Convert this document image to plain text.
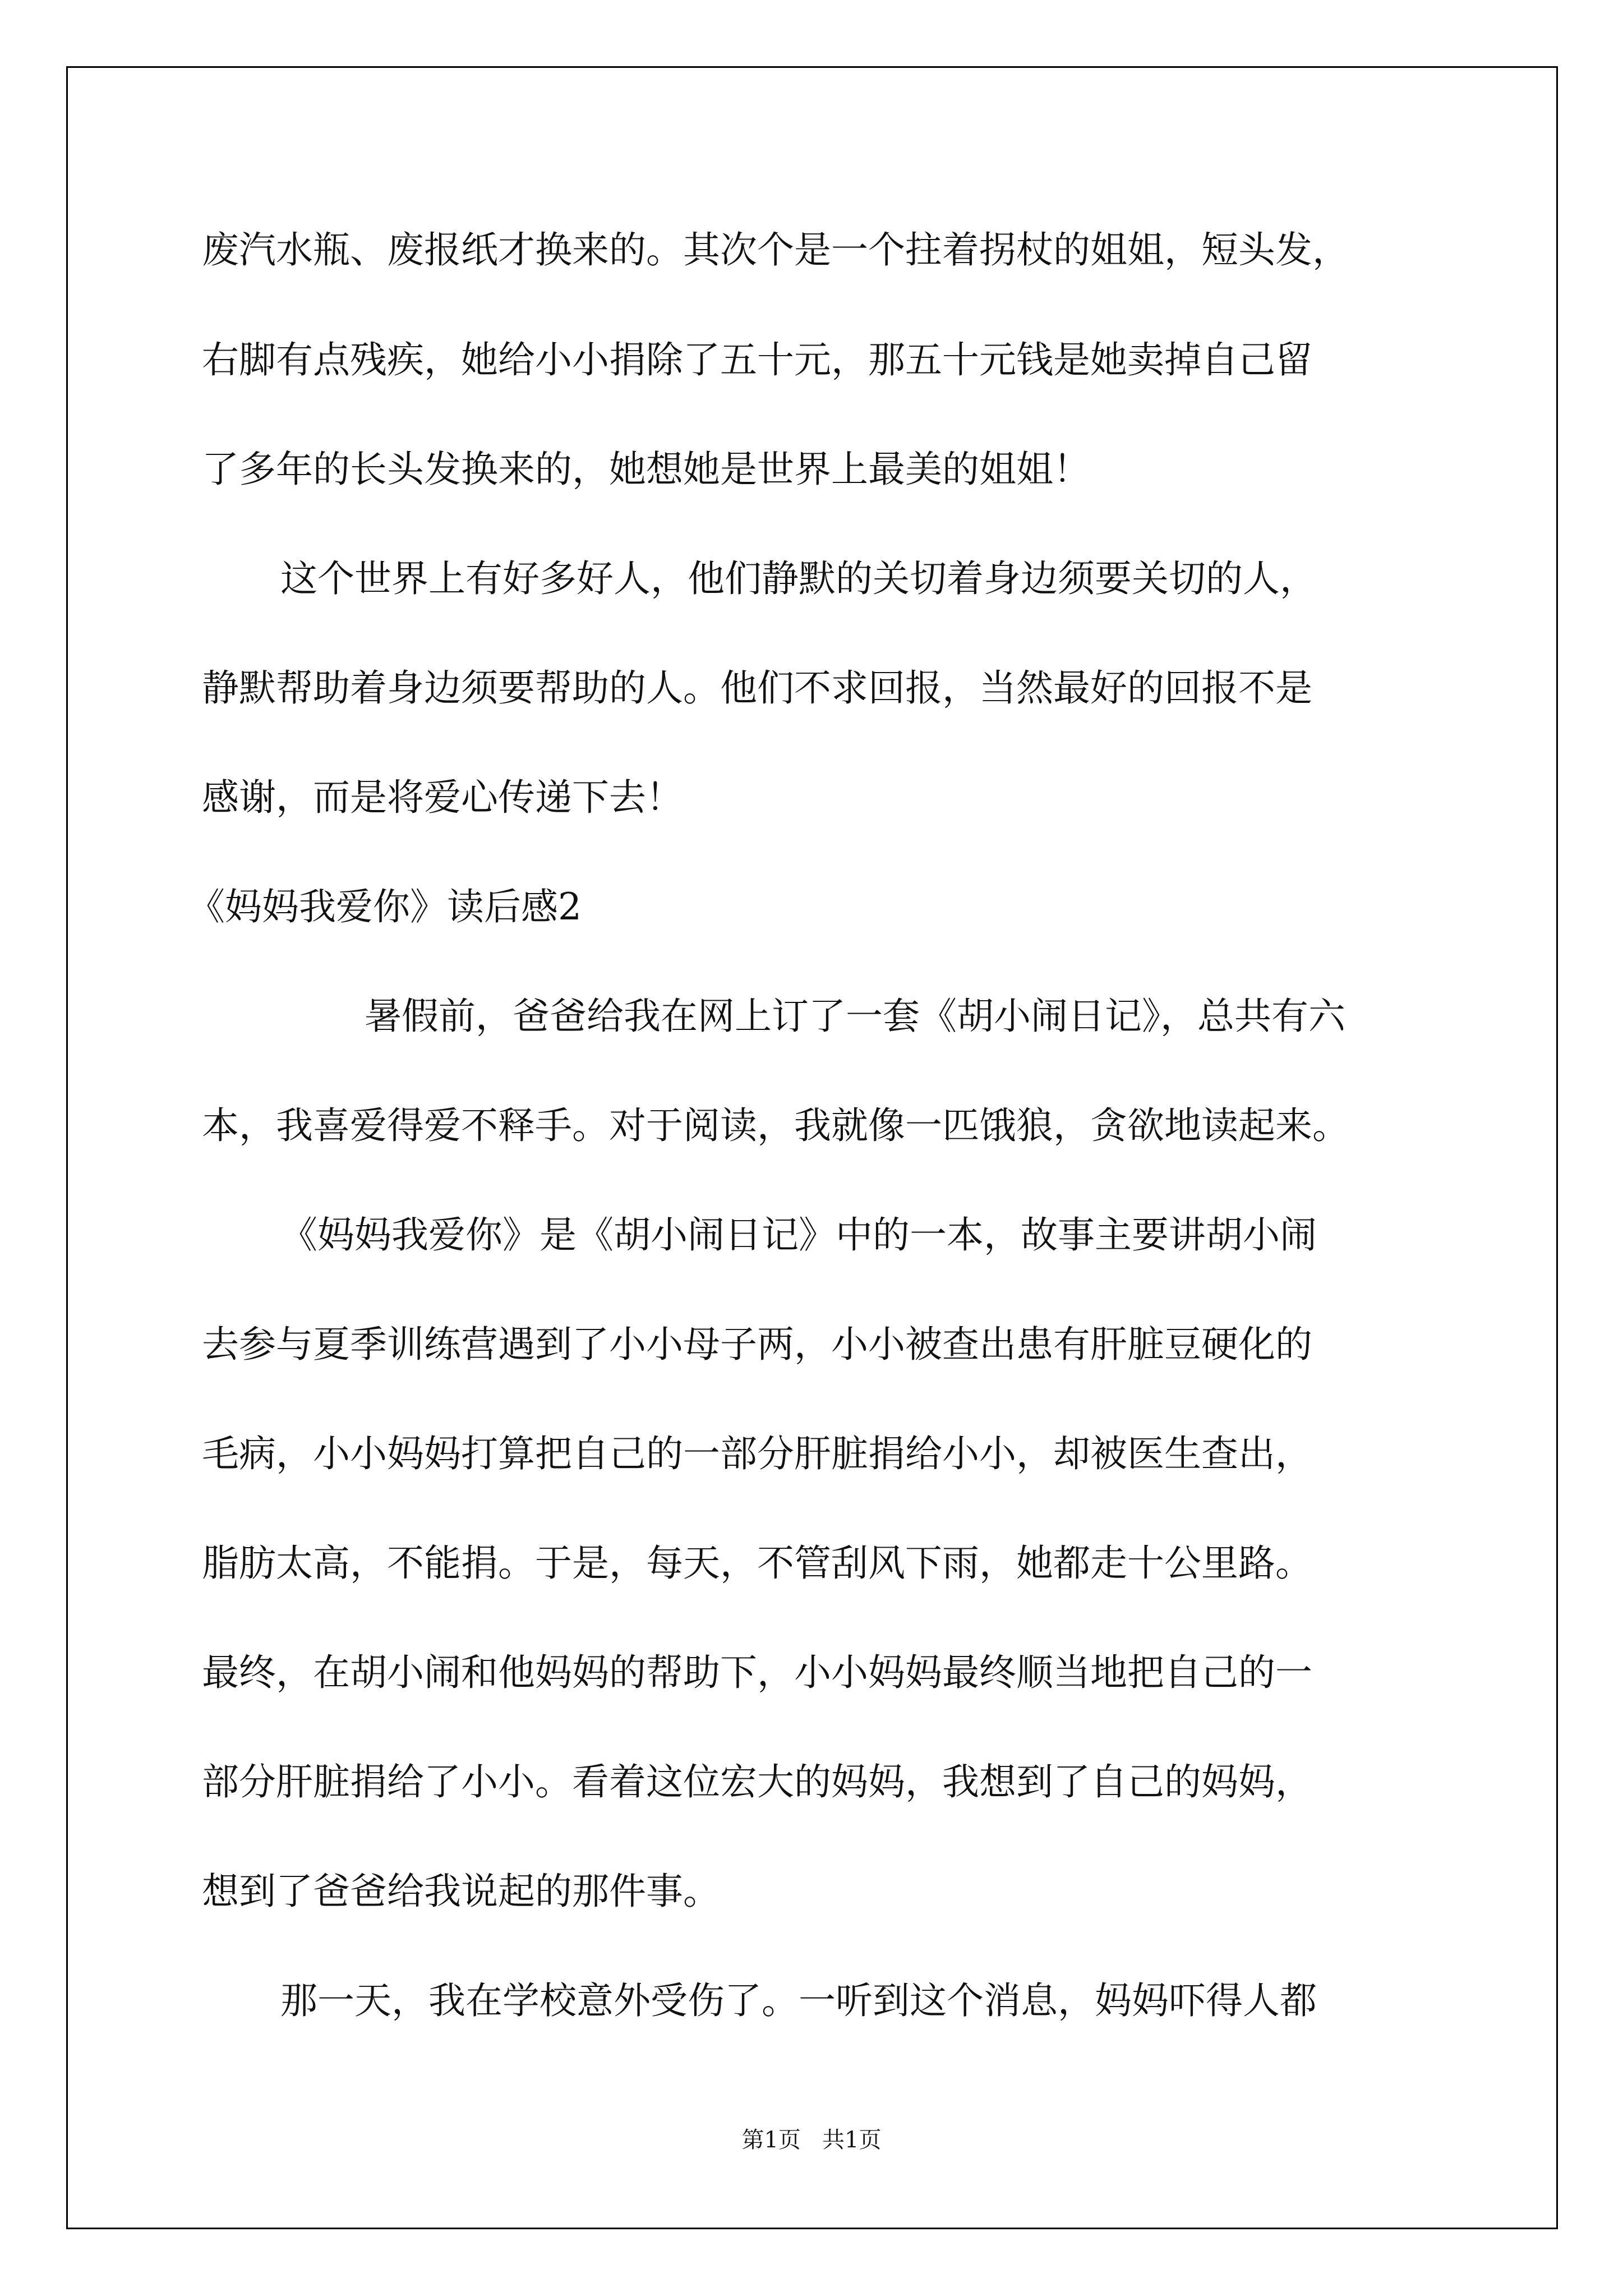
废汽水瓶、废报纸才换来的。其次个是一个拄着拐杖的姐姐，短头发，
右脚有点残疾，她给小小捐除了五十元，那五十元钱是她卖掉自己留
了多年的长头发换来的，她想她是世界上最美的姐姐！
这个世界上有好多好人，他们静默的关切着身边须要关切的人，
静默帮助着身边须要帮助的人。他们不求回报，当然最好的回报不是
感谢，而是将爱心传递下去！
《妈妈我爱你》读后感2
暑假前，爸爸给我在网上订了一套《胡小闹日记》，总共有六
本，我喜爱得爱不释手。对于阅读，我就像一匹饿狼，贪欲地读起来。
《妈妈我爱你》是《胡小闹日记》中的一本，故事主要讲胡小闹
去参与夏季训练营遇到了小小母子两，小小被查出患有肝脏豆硬化的
毛病，小小妈妈打算把自己的一部分肝脏捐给小小，却被医生查出，
脂肪太高，不能捐。于是，每天，不管刮风下雨，她都走十公里路。
最终，在胡小闹和他妈妈的帮助下，小小妈妈最终顺当地把自己的一
部分肝脏捐给了小小。看着这位宏大的妈妈，我想到了自己的妈妈，
想到了爸爸给我说起的那件事。
那一天，我在学校意外受伤了。一听到这个消息，妈妈吓得人都
第1页   共1页
